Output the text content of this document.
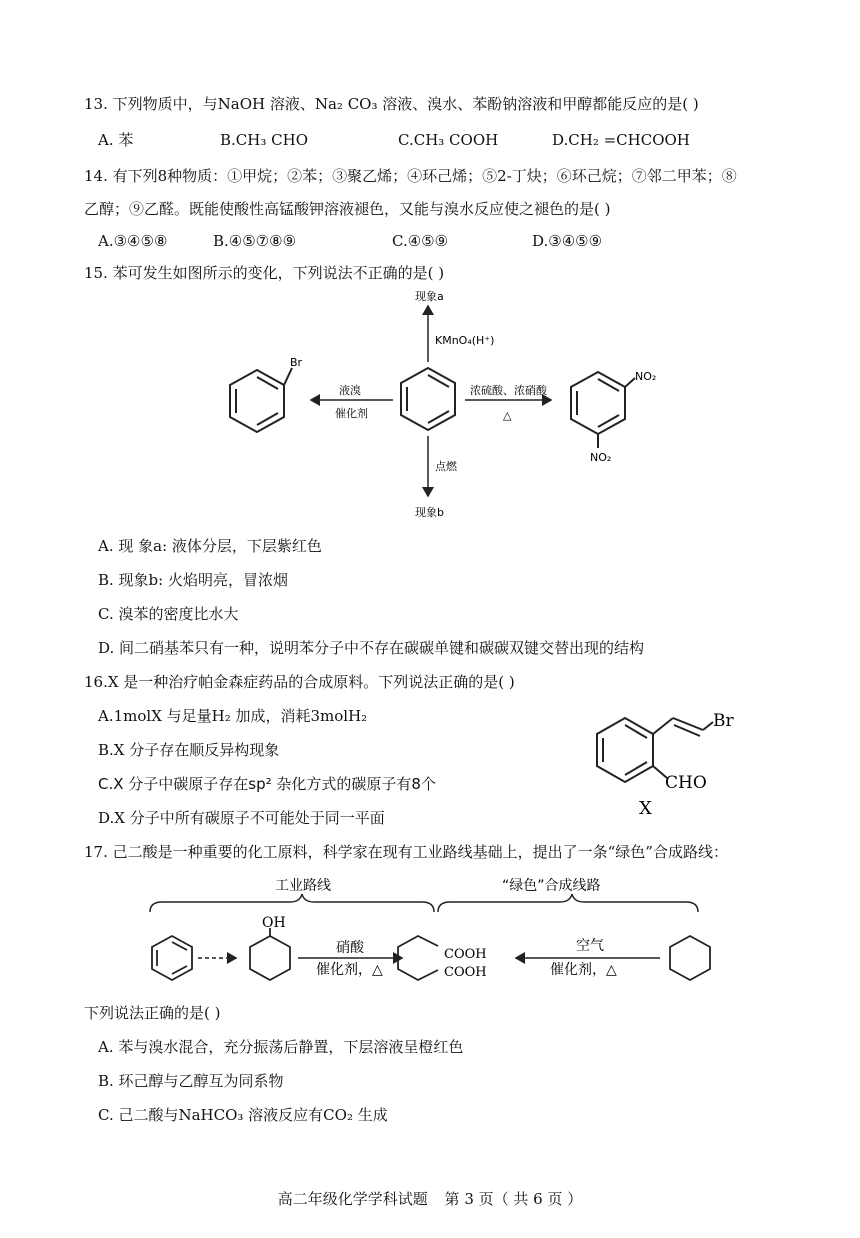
13. 下列物质中，与NaOH 溶液、Na₂ CO₃ 溶液、溴水、苯酚钠溶液和甲醇都能反应的是( )
A. 苯	B.CH₃ CHO	C.CH₃ COOH	D.CH₂ =CHCOOH
14. 有下列8种物质：①甲烷；②苯；③聚乙烯；④环己烯；⑤2-丁炔；⑥环己烷；⑦邻二甲苯；⑧
乙醇；⑨乙醛。既能使酸性高锰酸钾溶液褪色，又能与溴水反应使之褪色的是( )
A.③④⑤⑧	B.④⑤⑦⑧⑨	C.④⑤⑨	D.③④⑤⑨
15. 苯可发生如图所示的变化，下列说法不正确的是( )
现象a
KMnO₄(H⁺)
点燃
现象b
液溴
催化剂
Br
浓硫酸、浓硝酸
△
NO₂
NO₂
A. 现 象a: 液体分层，下层紫红色
B. 现象b: 火焰明亮，冒浓烟
C. 溴苯的密度比水大
D. 间二硝基苯只有一种，说明苯分子中不存在碳碳单键和碳碳双键交替出现的结构
16.X 是一种治疗帕金森症药品的合成原料。下列说法正确的是( )
A.1molX 与足量H₂ 加成，消耗3molH₂
B.X 分子存在顺反异构现象
C.X 分子中碳原子存在sp² 杂化方式的碳原子有8个
D.X 分子中所有碳原子不可能处于同一平面
Br
CHO
X
17. 己二酸是一种重要的化工原料，科学家在现有工业路线基础上，提出了一条“绿色”合成路线：
工业路线	“绿色”合成线路
OH
硝酸
催化剂，△
COOH
COOH
空气
催化剂，△
下列说法正确的是( )
A. 苯与溴水混合，充分振荡后静置，下层溶液呈橙红色
B. 环己醇与乙醇互为同系物
C. 己二酸与NaHCO₃ 溶液反应有CO₂ 生成
高二年级化学学科试题 第 3 页（ 共 6 页 ）
